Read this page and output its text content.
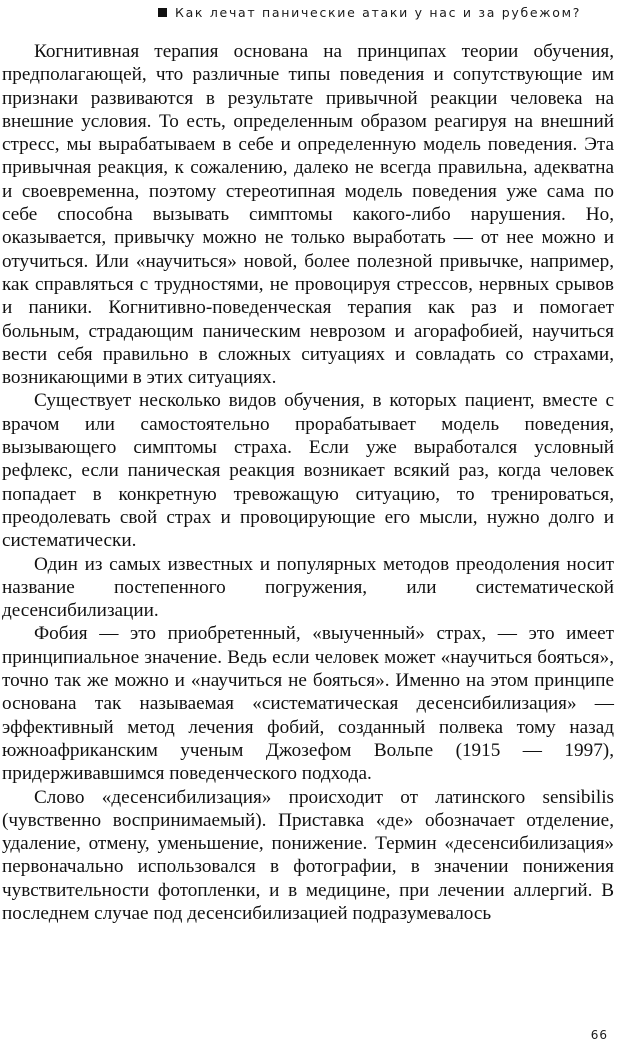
Как лечат панические атаки у нас и за рубежом?

Когнитивная терапия основана на принципах теории обучения, предполагающей, что различные типы поведения и сопутствующие им признаки развиваются в результате привычной реакции человека на внешние условия. То есть, определенным образом реагируя на внешний стресс, мы вырабатываем в себе и определенную модель поведения. Эта привычная реакция, к сожалению, далеко не всегда правильна, адекватна и своевременна, поэтому стереотипная модель поведения уже сама по себе способна вызывать симптомы какого-либо нарушения. Но, оказывается, привычку можно не только выработать — от нее можно и отучиться. Или «научиться» новой, более полезной привычке, например, как справляться с трудностями, не провоцируя стрессов, нервных срывов и паники. Когнитивно-поведенческая терапия как раз и помогает больным, страдающим паническим неврозом и агорафобией, научиться вести себя правильно в сложных ситуациях и совладать со страхами, возникающими в этих ситуациях.

Существует несколько видов обучения, в которых пациент, вместе с врачом или самостоятельно прорабатывает модель поведения, вызывающего симптомы страха. Если уже выработался условный рефлекс, если паническая реакция возникает всякий раз, когда человек попадает в конкретную тревожащую ситуацию, то тренироваться, преодолевать свой страх и провоцирующие его мысли, нужно долго и систематически.

Один из самых известных и популярных методов преодоления носит название постепенного погружения, или систематической десенсибилизации.

Фобия — это приобретенный, «выученный» страх, — это имеет принципиальное значение. Ведь если человек может «научиться бояться», точно так же можно и «научиться не бояться». Именно на этом принципе основана так называемая «систематическая десенсибилизация» — эффективный метод лечения фобий, созданный полвека тому назад южноафриканским ученым Джозефом Вольпе (1915 — 1997), придерживавшимся поведенческого подхода.

Слово «десенсибилизация» происходит от латинского sensibilis (чувственно воспринимаемый). Приставка «де» обозначает отделение, удаление, отмену, уменьшение, понижение. Термин «десенсибилизация» первоначально использовался в фотографии, в значении понижения чувствительности фотопленки, и в медицине, при лечении аллергий. В последнем случае под десенсибилизацией подразумевалось

66
